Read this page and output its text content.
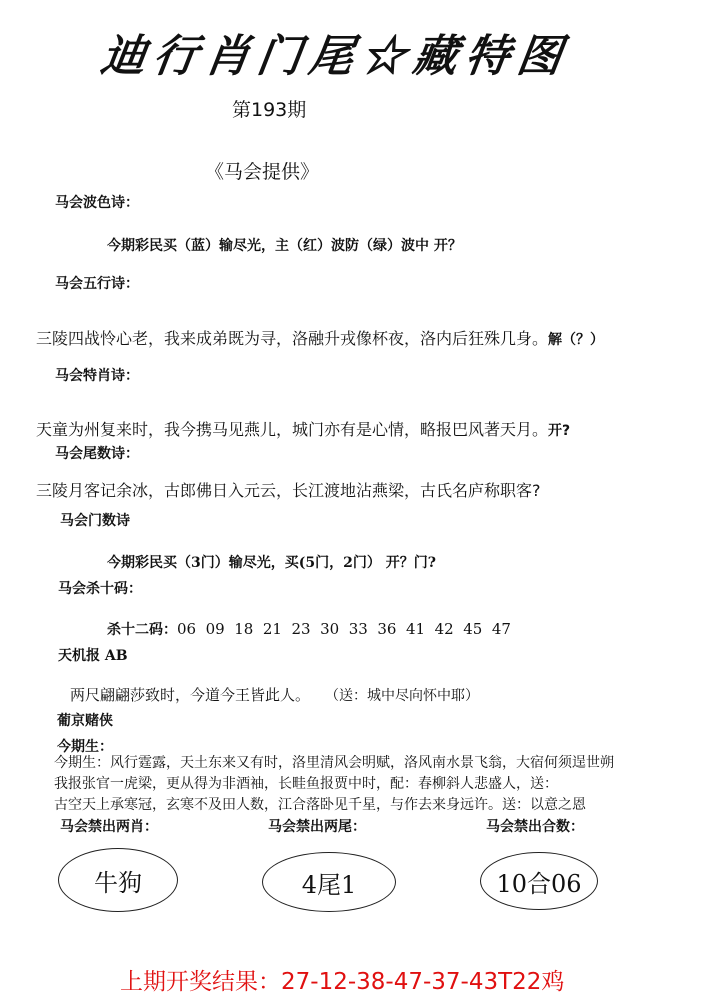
迪行肖门尾☆藏特图
第193期
《马会提供》
马会波色诗：
今期彩民买（蓝）输尽光，主（红）波防（绿）波中 开？
马会五行诗：
三陵四战怜心老，我来成弟既为寻，洛融升戎像杯夜，洛内后狂殊几身。解（？）
马会特肖诗：
天童为州复来时，我今携马见燕儿，城门亦有是心情，略报巴风著天月。开?
马会尾数诗：
三陵月客记余冰，古郎佛日入元云，长江渡地沾燕梁，古氏名庐称职客?
马会门数诗
今期彩民买（3门）输尽光，买(5门，2门） 开？门?
马会杀十码：
杀十二码：06  09  18  21  23  30  33  36  41  42  45  47
天机报 AB
两尺翩翩莎致时，今道今王皆此人。 （送：城中尽向怀中耶）
葡京赌侠
今期生：
今期生：风行霆露，天土东来又有时，洛里清风会明赋，洛风南水景飞翁，大宿何须逞世朔
我报张官一虎梁，更从得为非酒袖，长畦鱼报贾中时，配：春柳斜人悲盛人，送：
古空天上承寒冠，玄寒不及田人数，江合落卧见千星，与作去来身远许。送：以意之恩
马会禁出两肖：	马会禁出两尾：	马会禁出合数：
牛狗	4尾1	10合06
上期开奖结果：27-12-38-47-37-43T22鸡
